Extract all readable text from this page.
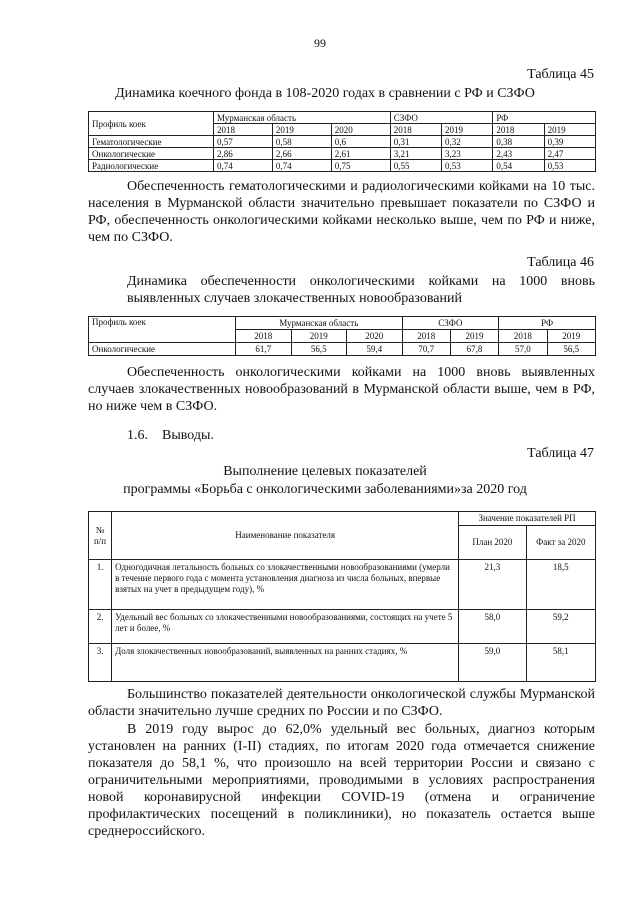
99
Таблица 45
Динамика коечного фонда в 108-2020 годах в сравнении с РФ и СЗФО
Профиль коек	Мурманская область			СЗФО		РФ	
	2018	2019	2020	2018	2019	2018	2019
Гематологические	0,57	0,58	0,6	0,31	0,32	0,38	0,39
Онкологические	2,86	2,66	2,61	3,21	3,23	2,43	2,47
Радиологические	0,74	0,74	0,75	0,55	0,53	0,54	0,53

Обеспеченность гематологическими и радиологическими койками на 10 тыс. населения в Мурманской области значительно превышает показатели по СЗФО и РФ, обеспеченность онкологическими койками несколько выше, чем по РФ и ниже, чем по СЗФО.

Таблица 46

Динамика обеспеченности онкологическими койками на 1000 вновь

выявленных случаев злокачественных новообразований

Профиль коек	Мурманская область			СЗФО		РФ	
	2018	2019	2020	2018	2019	2018	2019
Онкологические	61,7	56,5	59,4	70,7	67,8	57,0	56,5

Обеспеченность онкологическими койками на 1000 вновь выявленных случаев злокачественных новообразований в Мурманской области выше, чем в РФ, но ниже чем в СЗФО.

1.6. Выводы.
Таблица 47
Выполнение целевых показателей
программы «Борьба с онкологическими заболеваниями»за 2020 год
№ п/п	Наименование показателя	Значение показателей РП	
		План 2020	Факт за 2020
1.	Одногодичная летальность больных со злокачественными новообразованиями (умерли в течение первого года с момента установления диагноза из числа больных, впервые взятых на учет в предыдущем году), %	21,3	18,5
2.	Удельный вес больных со злокачественными новообразованиями, состоящих на учете 5 лет и более, %	58,0	59,2
3.	Доля злокачественных новообразований, выявленных на ранних стадиях, %	59,0	58,1

Большинство показателей деятельности онкологической службы Мурманской области значительно лучше средних по России и по СЗФО.

В 2019 году вырос до 62,0% удельный вес больных, диагноз которым установлен на ранних (I-II) стадиях, по итогам 2020 года отмечается снижение показателя до 58,1 %, что произошло на всей территории России и связано с ограничительными мероприятиями, проводимыми в условиях распространения новой коронавирусной инфекции COVID-19 (отмена и ограничение профилактических посещений в поликлиники), но показатель остается выше среднероссийского.
